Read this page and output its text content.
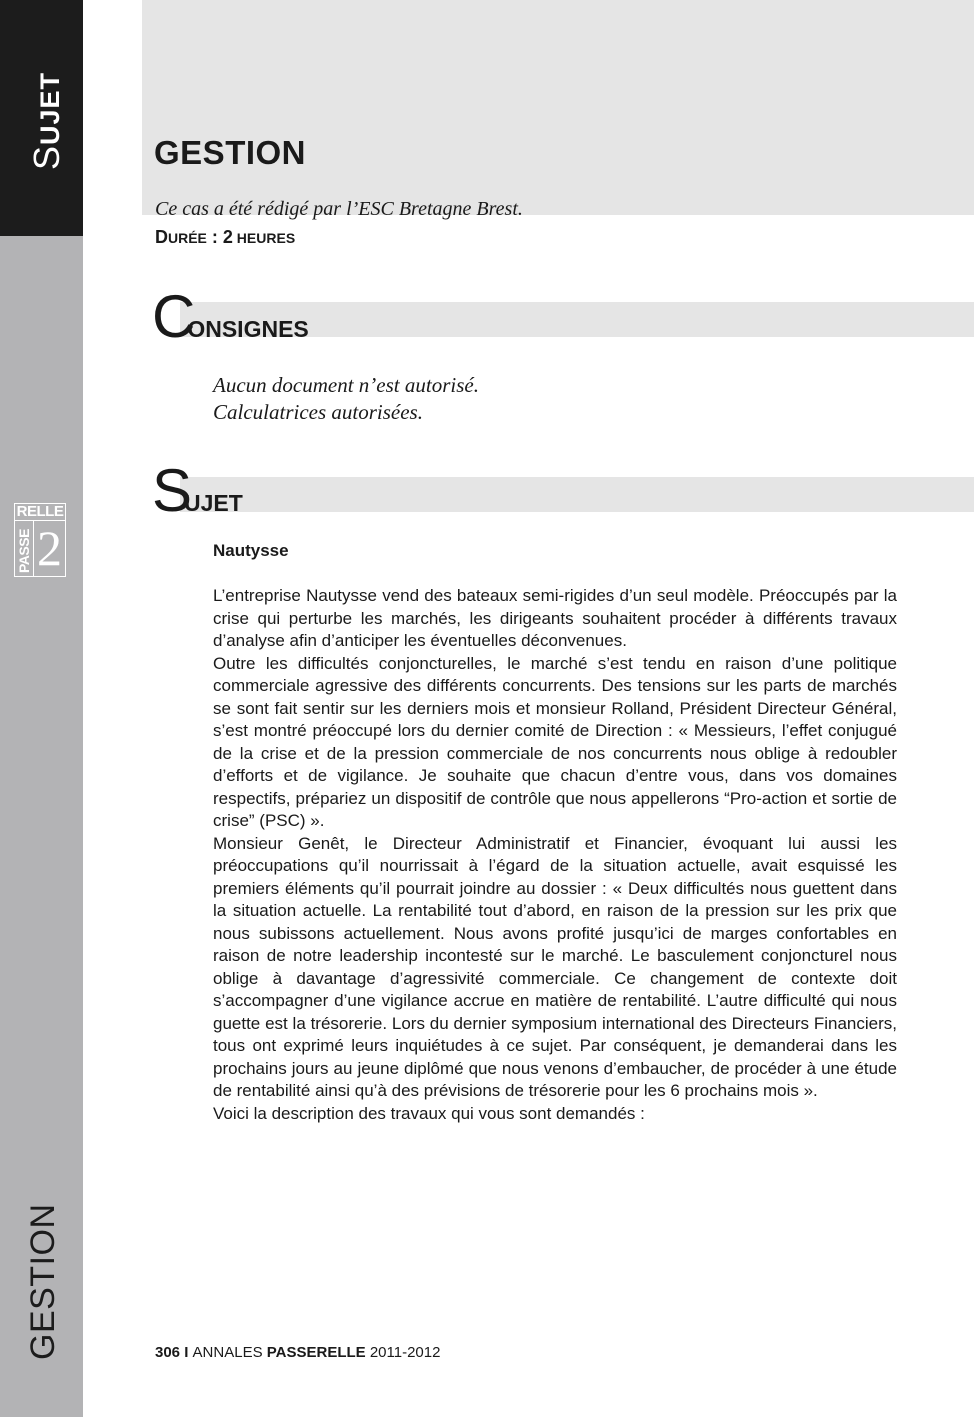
SUJET
RELLE
PASSE 2
GESTION
GESTION
Ce cas a été rédigé par l’ESC Bretagne Brest.
DURÉE : 2 HEURES
CONSIGNES
Aucun document n’est autorisé.
Calculatrices autorisées.
SUJET
Nautysse

L’entreprise Nautysse vend des bateaux semi-rigides d’un seul modèle. Préoccupés par la crise qui perturbe les marchés, les dirigeants souhaitent procéder à différents travaux d’analyse afin d’anticiper les éventuelles déconvenues.

Outre les difficultés conjoncturelles, le marché s’est tendu en raison d’une politique commerciale agressive des différents concurrents. Des tensions sur les parts de marchés se sont fait sentir sur les derniers mois et monsieur Rolland, Président Directeur Général, s’est montré préoccupé lors du dernier comité de Direction : « Messieurs, l’effet conjugué de la crise et de la pression commerciale de nos concurrents nous oblige à redoubler d’efforts et de vigilance. Je souhaite que chacun d’entre vous, dans vos domaines respectifs, prépariez un dispositif de contrôle que nous appellerons “Pro-action et sortie de crise” (PSC) ».

Monsieur Genêt, le Directeur Administratif et Financier, évoquant lui aussi les préoccupations qu’il nourrissait à l’égard de la situation actuelle, avait esquissé les premiers éléments qu’il pourrait joindre au dossier : « Deux difficultés nous guettent dans la situation actuelle. La rentabilité tout d’abord, en raison de la pression sur les prix que nous subissons actuellement. Nous avons profité jusqu’ici de marges confortables en raison de notre leadership incontesté sur le marché. Le basculement conjoncturel nous oblige à davantage d’agressivité commerciale. Ce changement de contexte doit s’accompagner d’une vigilance accrue en matière de rentabilité. L’autre difficulté qui nous guette est la trésorerie. Lors du dernier symposium international des Directeurs Financiers, tous ont exprimé leurs inquiétudes à ce sujet. Par conséquent, je demanderai dans les prochains jours au jeune diplômé que nous venons d’embaucher, de procéder à une étude de rentabilité ainsi qu’à des prévisions de trésorerie pour les 6 prochains mois ».

Voici la description des travaux qui vous sont demandés :

306 I ANNALES PASSERELLE 2011-2012
